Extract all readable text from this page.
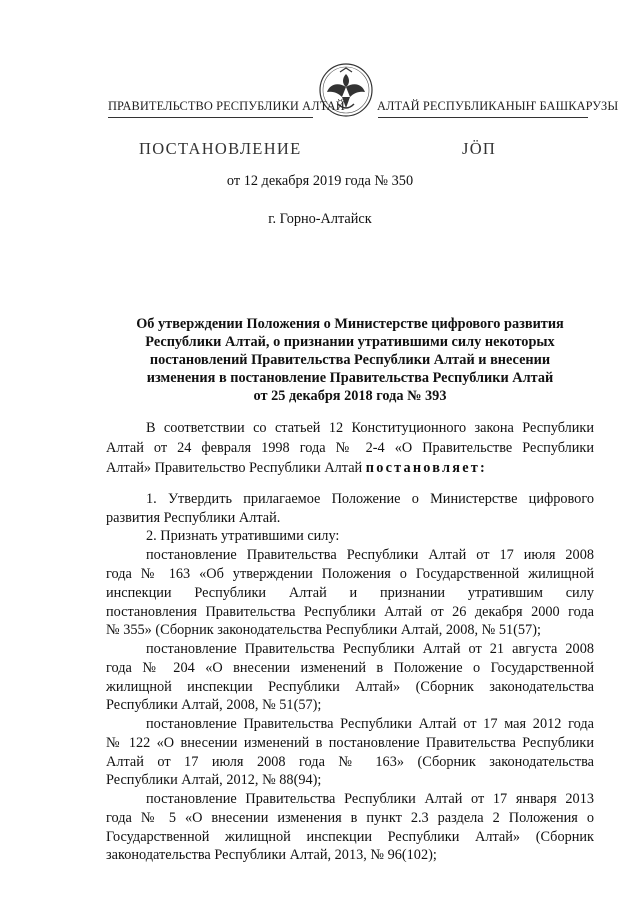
ПРАВИТЕЛЬСТВО РЕСПУБЛИКИ АЛТАЙ	АЛТАЙ РЕСПУБЛИКАНЫҤ БАШКАРУЗЫ
ПОСТАНОВЛЕНИЕ	ЈӦП
от 12 декабря 2019 года № 350
г. Горно-Алтайск
Об утверждении Положения о Министерстве цифрового развития
Республики Алтай, о признании утратившими силу некоторых
постановлений Правительства Республики Алтай и внесении
изменения в постановление Правительства Республики Алтай
от 25 декабря 2018 года № 393
В соответствии со статьей 12 Конституционного закона Республики
Алтай от 24 февраля 1998 года № 2-4 «О Правительстве Республики
Алтай» Правительство Республики Алтай постановляет:
1. Утвердить прилагаемое Положение о Министерстве цифрового
развития Республики Алтай.
2. Признать утратившими силу:
постановление Правительства Республики Алтай от 17 июля 2008
года № 163 «Об утверждении Положения о Государственной жилищной
инспекции Республики Алтай и признании утратившим силу
постановления Правительства Республики Алтай от 26 декабря 2000 года
№ 355» (Сборник законодательства Республики Алтай, 2008, № 51(57);
постановление Правительства Республики Алтай от 21 августа 2008
года № 204 «О внесении изменений в Положение о Государственной
жилищной инспекции Республики Алтай» (Сборник законодательства
Республики Алтай, 2008, № 51(57);
постановление Правительства Республики Алтай от 17 мая 2012 года
№ 122 «О внесении изменений в постановление Правительства Республики
Алтай от 17 июля 2008 года № 163» (Сборник законодательства
Республики Алтай, 2012, № 88(94);
постановление Правительства Республики Алтай от 17 января 2013
года № 5 «О внесении изменения в пункт 2.3 раздела 2 Положения о
Государственной жилищной инспекции Республики Алтай» (Сборник
законодательства Республики Алтай, 2013, № 96(102);
